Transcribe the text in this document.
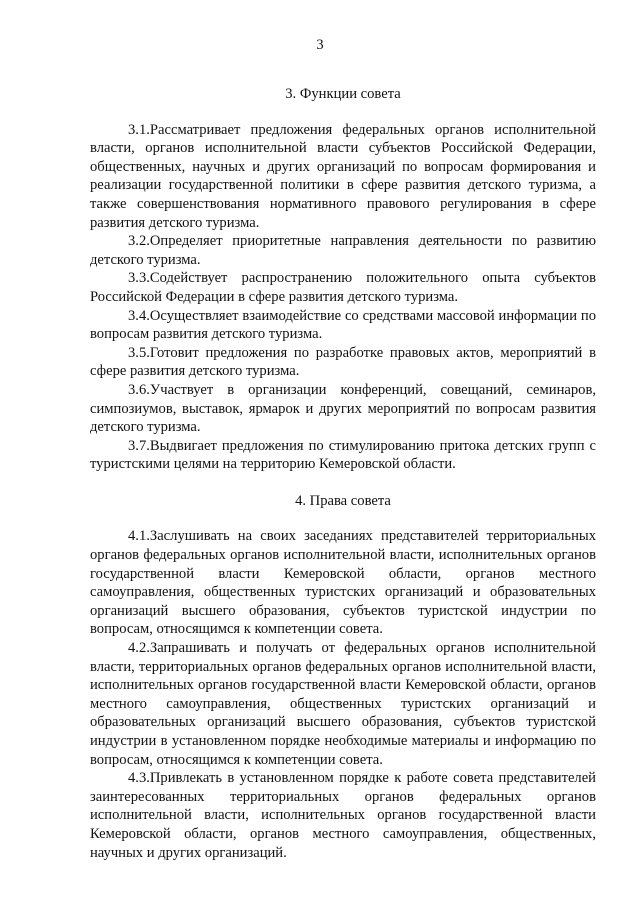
3
3. Функции совета

3.1.Рассматривает предложения федеральных органов исполнительной власти, органов исполнительной власти субъектов Российской Федерации, общественных, научных и других организаций по вопросам формирования и реализации государственной политики в сфере развития детского туризма, а также совершенствования нормативного правового регулирования в сфере развития детского туризма.

3.2.Определяет приоритетные направления деятельности по развитию детского туризма.

3.3.Содействует распространению положительного опыта субъектов Российской Федерации в сфере развития детского туризма.

3.4.Осуществляет взаимодействие со средствами массовой информации по вопросам развития детского туризма.

3.5.Готовит предложения по разработке правовых актов, мероприятий в сфере развития детского туризма.

3.6.Участвует в организации конференций, совещаний, семинаров, симпозиумов, выставок, ярмарок и других мероприятий по вопросам развития детского туризма.

3.7.Выдвигает предложения по стимулированию притока детских групп с туристскими целями на территорию Кемеровской области.

4. Права совета

4.1.Заслушивать на своих заседаниях представителей территориальных органов федеральных органов исполнительной власти, исполнительных органов государственной власти Кемеровской области, органов местного самоуправления, общественных туристских организаций и образовательных организаций высшего образования, субъектов туристской индустрии по вопросам, относящимся к компетенции совета.

4.2.Запрашивать и получать от федеральных органов исполнительной власти, территориальных органов федеральных органов исполнительной власти, исполнительных органов государственной власти Кемеровской области, органов местного самоуправления, общественных туристских организаций и образовательных организаций высшего образования, субъектов туристской индустрии в установленном порядке необходимые материалы и информацию по вопросам, относящимся к компетенции совета.

4.3.Привлекать в установленном порядке к работе совета представителей заинтересованных территориальных органов федеральных органов исполнительной власти, исполнительных органов государственной власти Кемеровской области, органов местного самоуправления, общественных, научных и других организаций.
